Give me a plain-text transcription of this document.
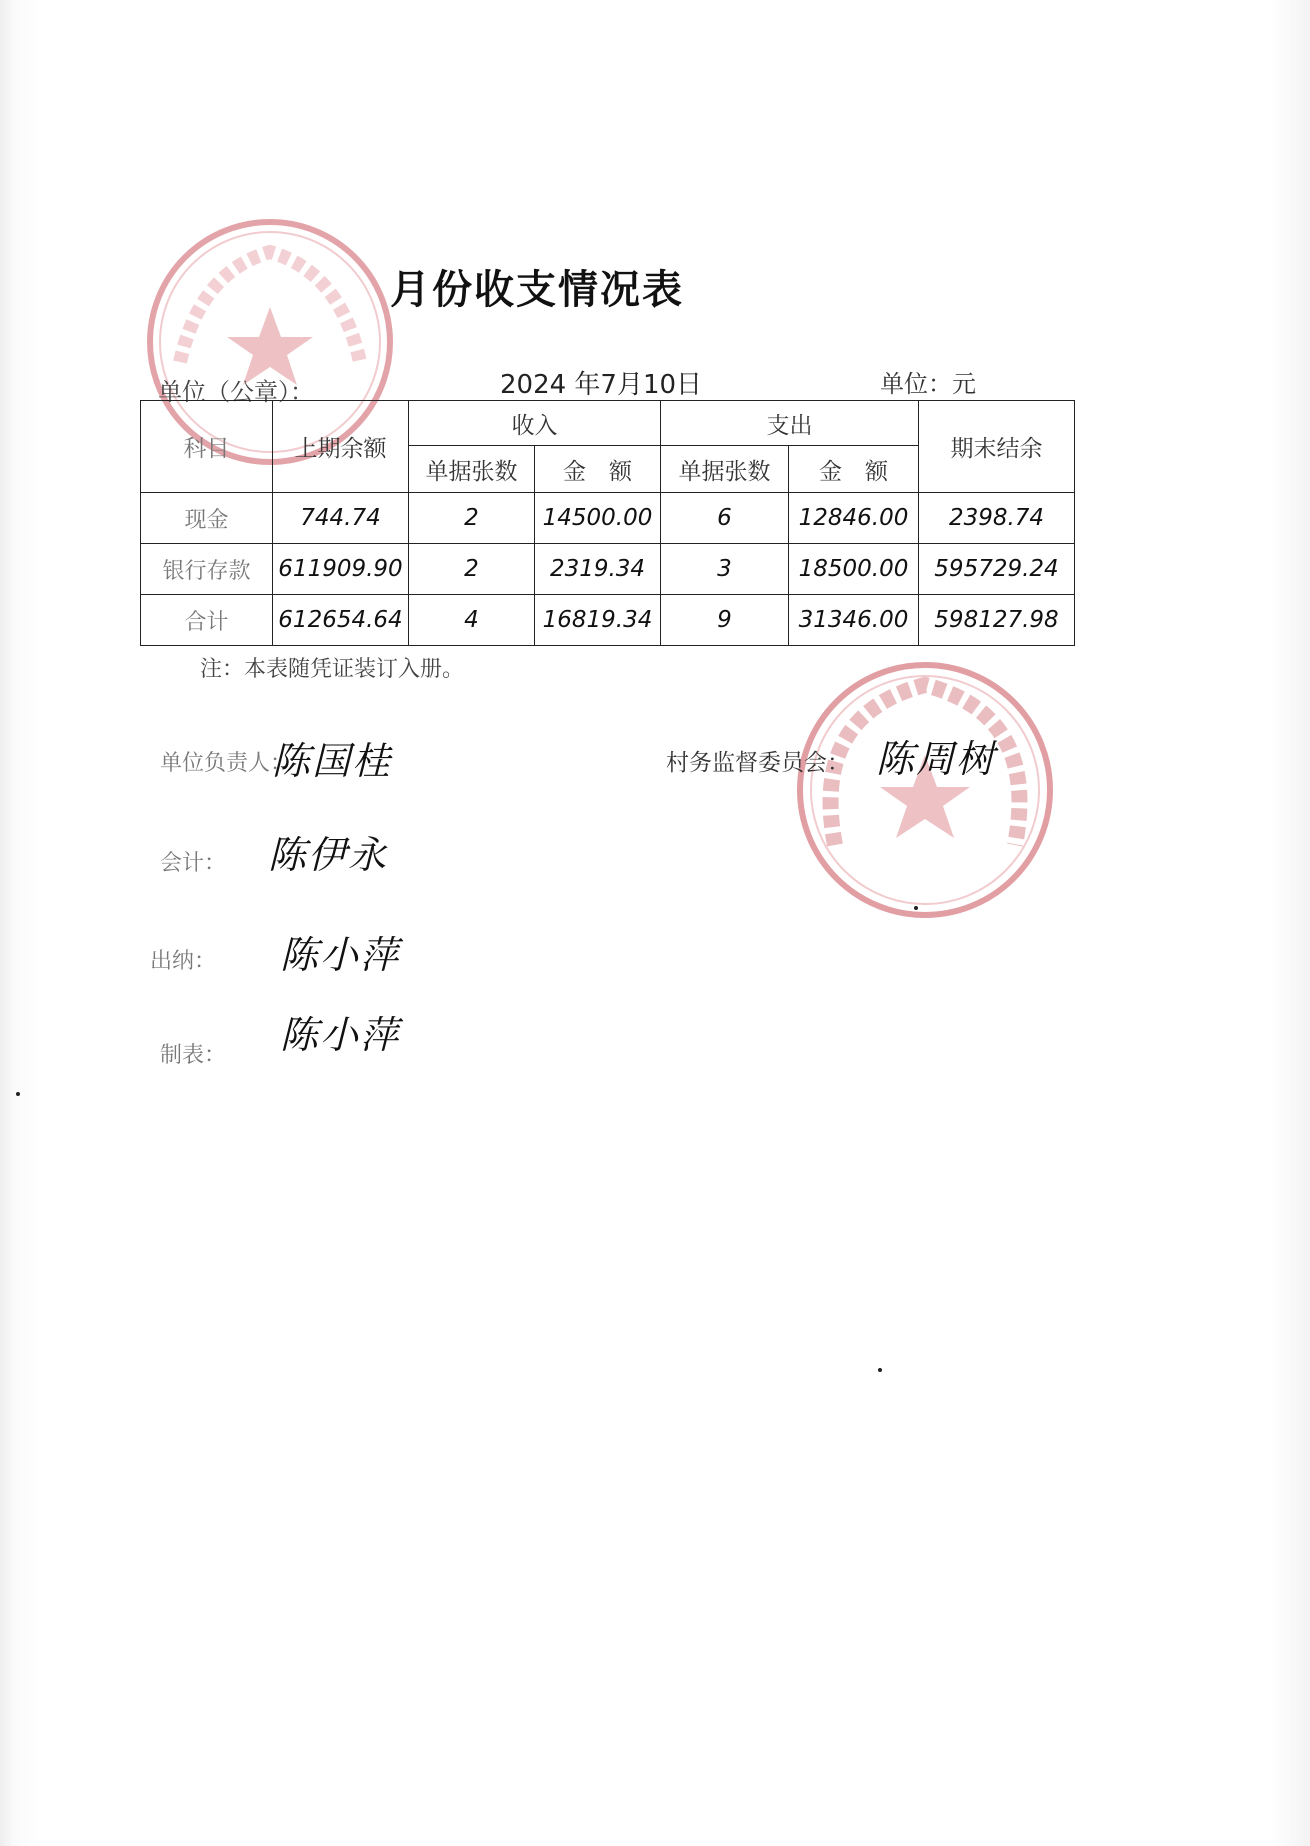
月份收支情况表
单位（公章）：	2024 年7月10日	单位：元
科目	上期余额	收入		支出		期末结余
		单据张数	金　额	单据张数	金　额	
现金	744.74	2	14500.00	6	12846.00	2398.74
银行存款	611909.90	2	2319.34	3	18500.00	595729.24
合计	612654.64	4	16819.34	9	31346.00	598127.98
注：本表随凭证装订入册。
单位负责人：
陈国桂	村务监督委员会： 陈周树
会计： 陈伊永
出纳： 陈小萍
制表： 陈小萍
